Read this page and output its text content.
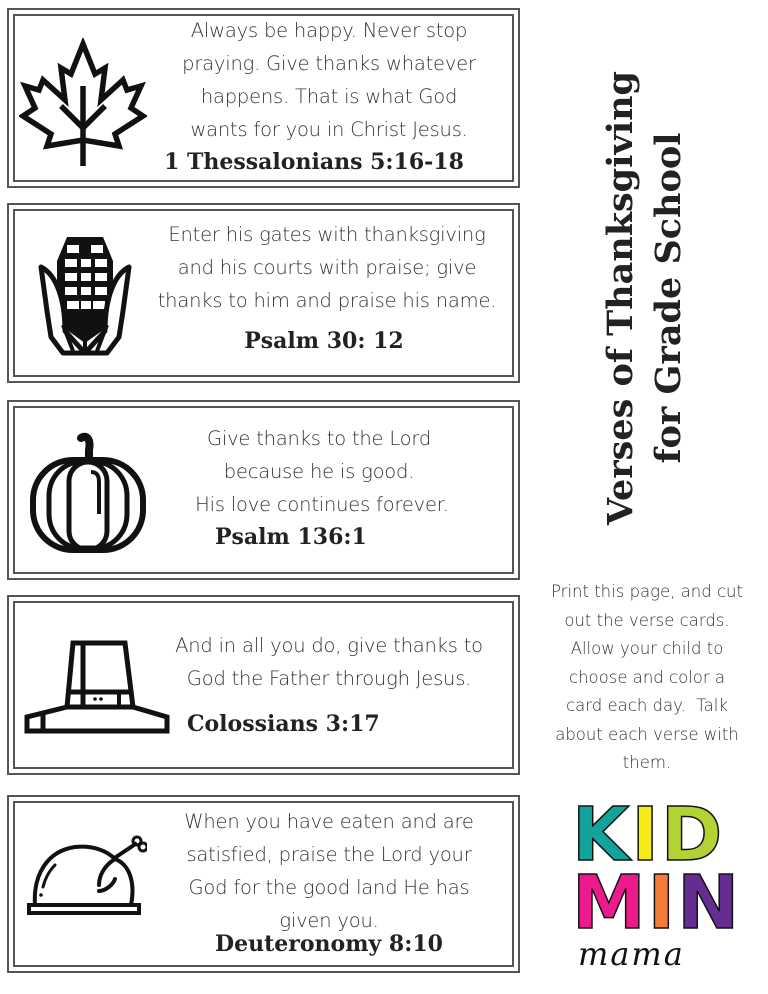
Always be happy. Never stop
praying. Give thanks whatever
happens. That is what God
wants for you in Christ Jesus.
1 Thessalonians 5:16-18
Enter his gates with thanksgiving
and his courts with praise; give
thanks to him and praise his name.
Psalm 30: 12
Give thanks to the Lord
because he is good.
His love continues forever.
Psalm 136:1
And in all you do, give thanks to
God the Father through Jesus.
Colossians 3:17
When you have eaten and are
satisfied, praise the Lord your
God for the good land He has
given you.
Deuteronomy 8:10
Verses of Thanksgiving for Grade School
Print this page, and cut
out the verse cards.
Allow your child to
choose and color a
card each day.  Talk
about each verse with
them.
K I D
M I N
mama
